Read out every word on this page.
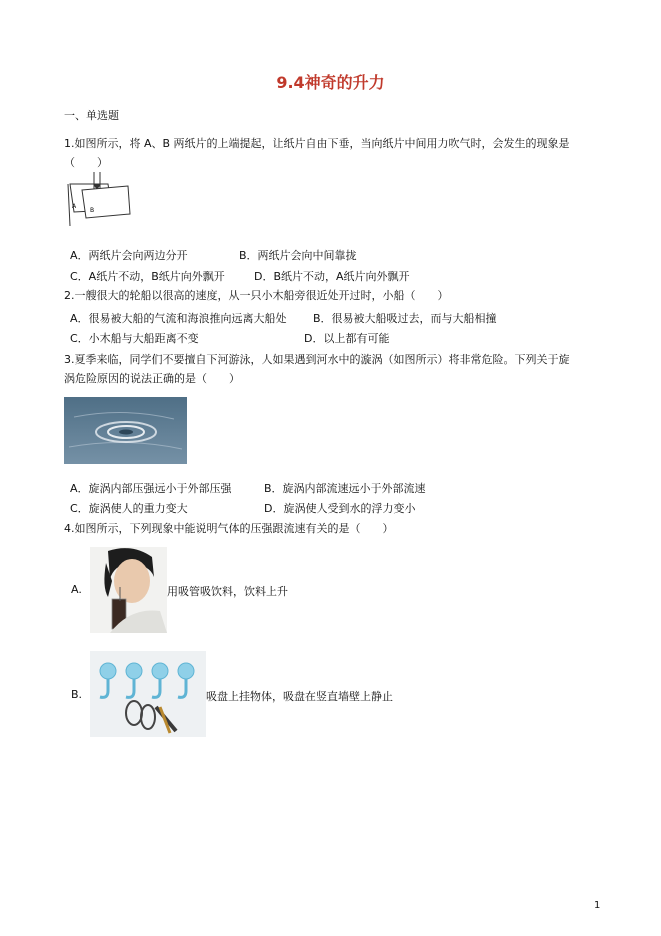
9.4神奇的升力
一、单选题
1.如图所示，将 A、B 两纸片的上端提起，让纸片自由下垂，当向纸片中间用力吹气时，会发生的现象是
（　　）
A
B
A．两纸片会向两边分开	B．两纸片会向中间靠拢
C．A纸片不动，B纸片向外飘开	D．B纸片不动，A纸片向外飘开
2.一艘很大的轮船以很高的速度，从一只小木船旁很近处开过时，小船（　　）
A．很易被大船的气流和海浪推向远离大船处 B．很易被大船吸过去，而与大船相撞
C．小木船与大船距离不变	D．以上都有可能
3.夏季来临，同学们不要擅自下河游泳，人如果遇到河水中的漩涡（如图所示）将非常危险。下列关于旋
涡危险原因的说法正确的是（　　）
A．旋涡内部压强远小于外部压强	B．旋涡内部流速远小于外部流速
C．旋涡使人的重力变大	D．旋涡使人受到水的浮力变小
4.如图所示，下列现象中能说明气体的压强跟流速有关的是（　　）
A.	用吸管吸饮料，饮料上升
B.	吸盘上挂物体，吸盘在竖直墙壁上静止
1
